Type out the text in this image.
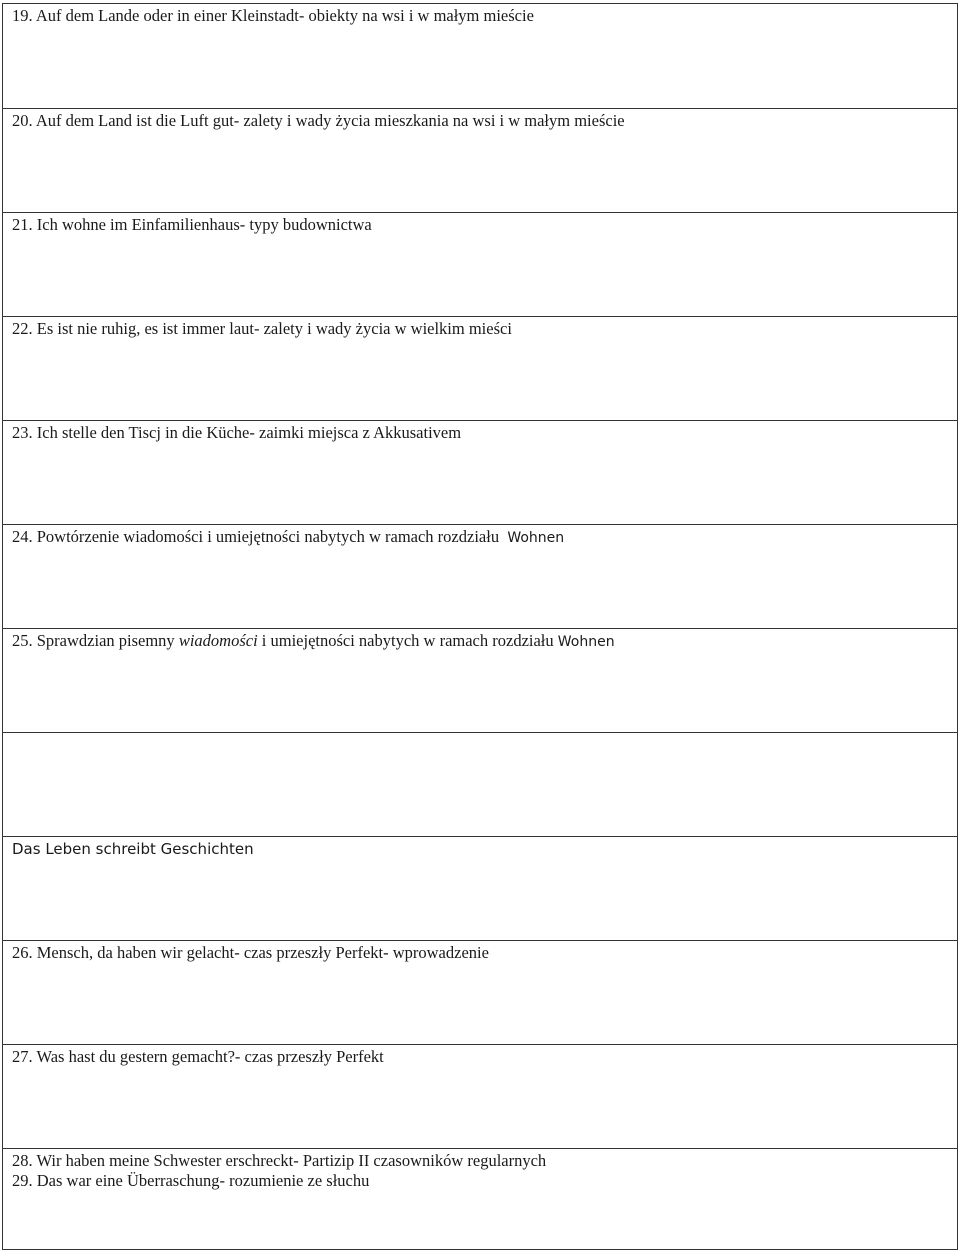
19. Auf dem Lande oder in einer Kleinstadt- obiekty na wsi i w małym mieście
20. Auf dem Land ist die Luft gut- zalety i wady życia mieszkania na wsi i w małym mieście
21. Ich wohne im Einfamilienhaus- typy budownictwa
22. Es ist nie ruhig, es ist immer laut- zalety i wady życia w wielkim mieści
23. Ich stelle den Tiscj in die Küche- zaimki miejsca z Akkusativem
24. Powtórzenie wiadomości i umiejętności nabytych w ramach rozdziału Wohnen
25. Sprawdzian pisemny wiadomości i umiejętności nabytych w ramach rozdziału Wohnen
Das Leben schreibt Geschichten
26. Mensch, da haben wir gelacht- czas przeszły Perfekt- wprowadzenie
27. Was hast du gestern gemacht?- czas przeszły Perfekt
28. Wir haben meine Schwester erschreckt- Partizip II czasowników regularnych
29. Das war eine Überraschung- rozumienie ze słuchu
